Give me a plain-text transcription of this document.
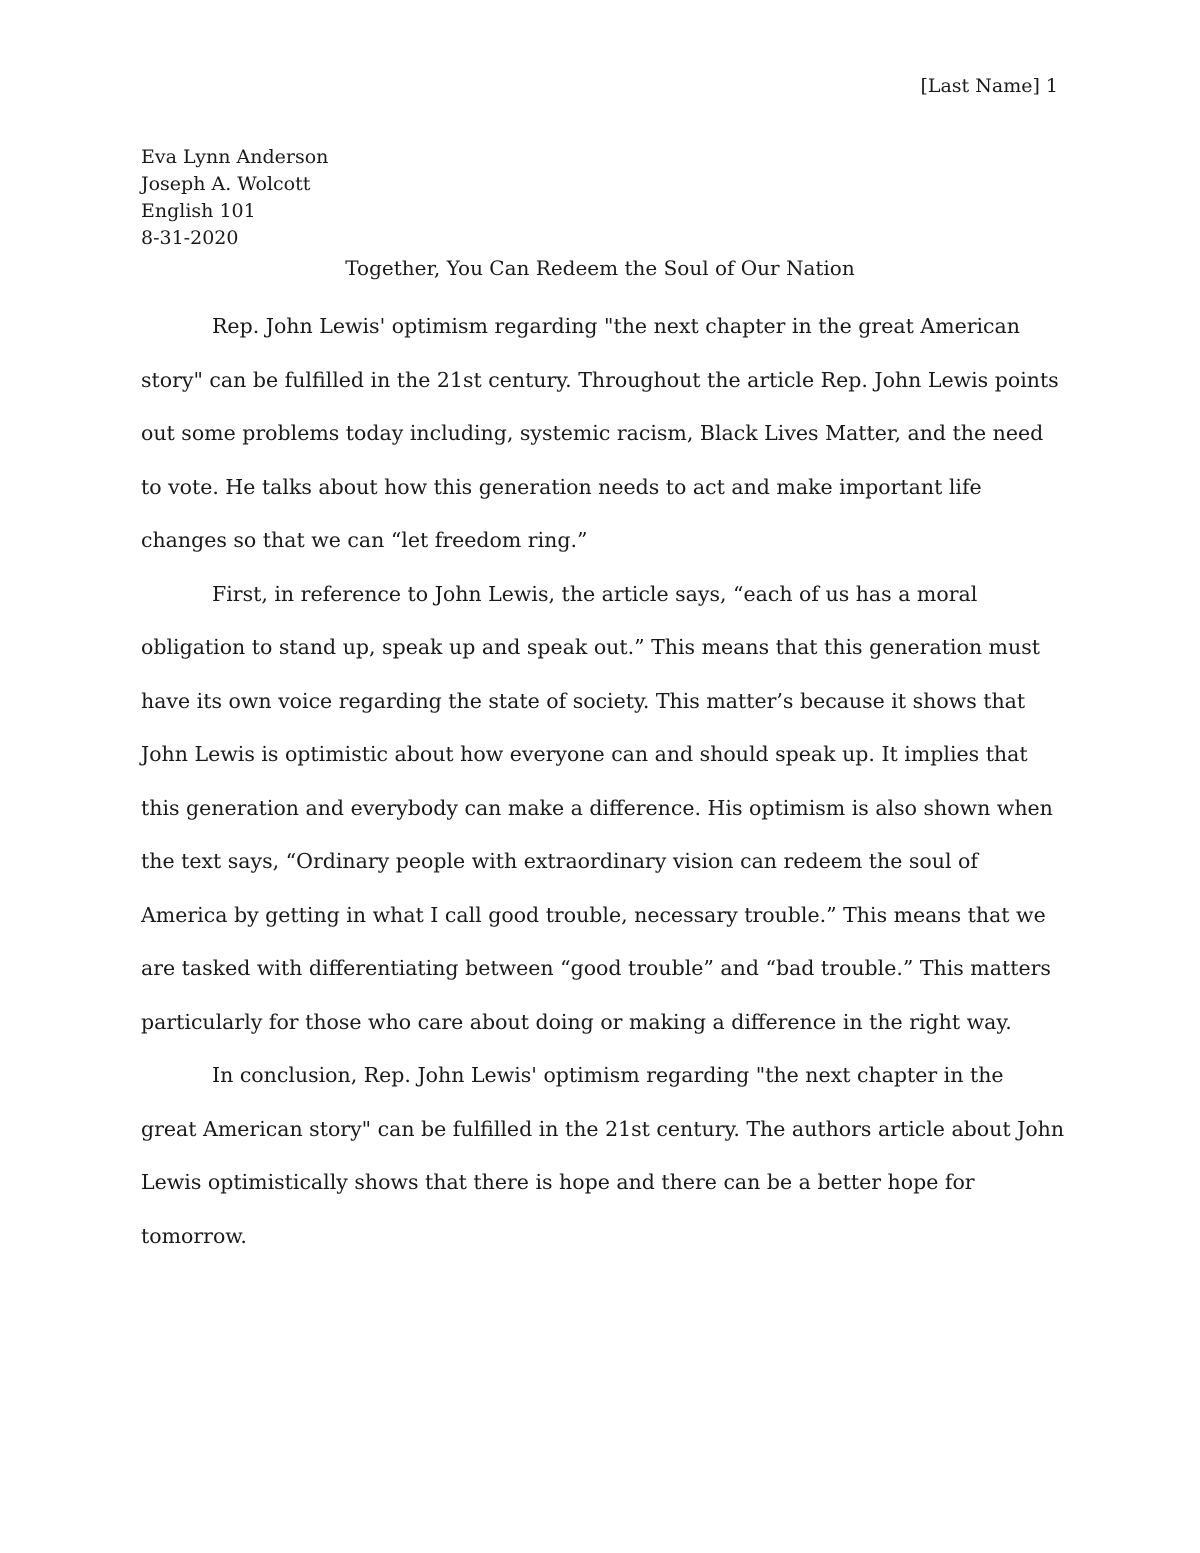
[Last Name] 1
Eva Lynn Anderson
Joseph A. Wolcott
English 101
8-31-2020
Together, You Can Redeem the Soul of Our Nation
Rep. John Lewis' optimism regarding "the next chapter in the great American
story" can be fulfilled in the 21st century. Throughout the article Rep. John Lewis points
out some problems today including, systemic racism, Black Lives Matter, and the need
to vote. He talks about how this generation needs to act and make important life
changes so that we can “let freedom ring.”
First, in reference to John Lewis, the article says, “each of us has a moral
obligation to stand up, speak up and speak out.” This means that this generation must
have its own voice regarding the state of society. This matter’s because it shows that
John Lewis is optimistic about how everyone can and should speak up. It implies that
this generation and everybody can make a difference. His optimism is also shown when
the text says, “Ordinary people with extraordinary vision can redeem the soul of
America by getting in what I call good trouble, necessary trouble.” This means that we
are tasked with differentiating between “good trouble” and “bad trouble.” This matters
particularly for those who care about doing or making a difference in the right way.
In conclusion, Rep. John Lewis' optimism regarding "the next chapter in the
great American story" can be fulfilled in the 21st century. The authors article about John
Lewis optimistically shows that there is hope and there can be a better hope for
tomorrow.
